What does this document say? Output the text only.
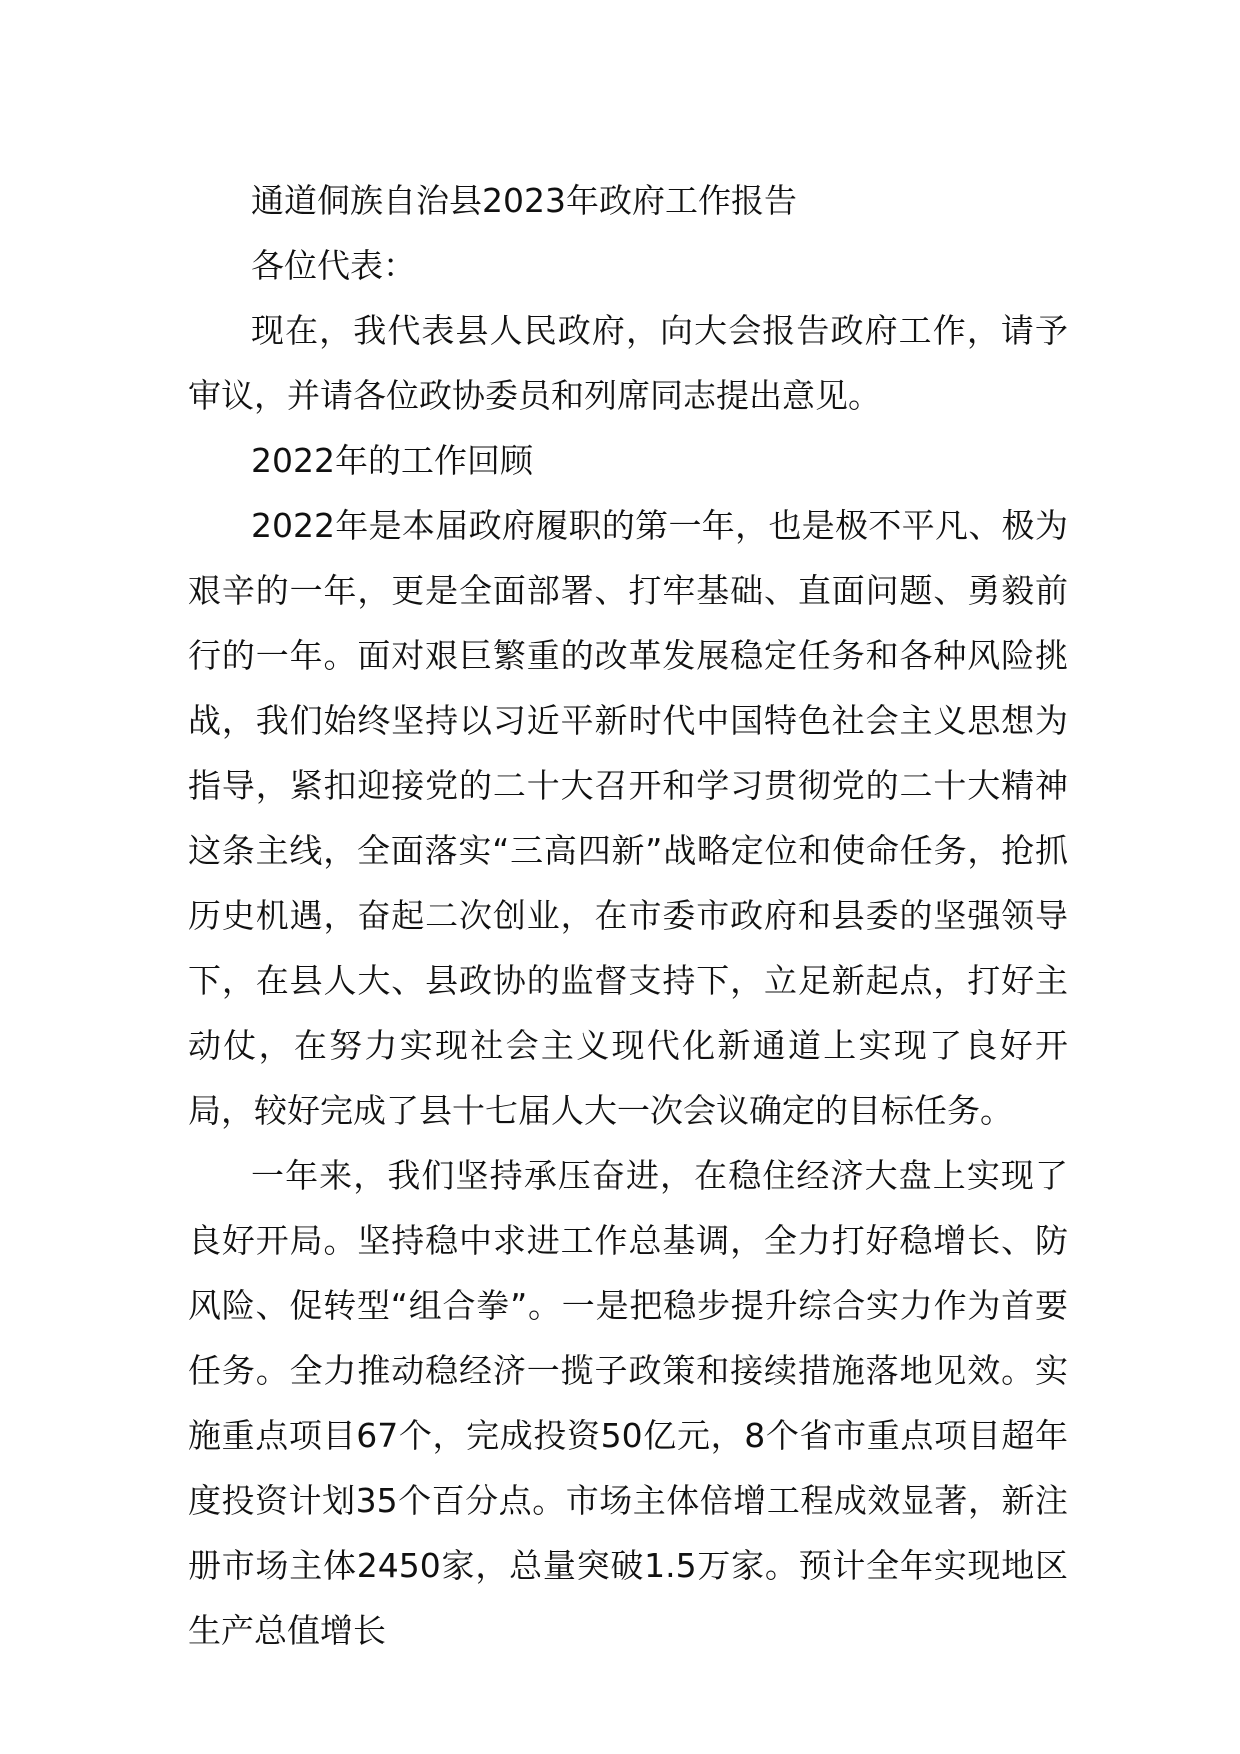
通道侗族自治县2023年政府工作报告

各位代表：

现在，我代表县人民政府，向大会报告政府工作，请予审议，并请各位政协委员和列席同志提出意见。

2022年的工作回顾

2022年是本届政府履职的第一年，也是极不平凡、极为艰辛的一年，更是全面部署、打牢基础、直面问题、勇毅前行的一年。面对艰巨繁重的改革发展稳定任务和各种风险挑战，我们始终坚持以习近平新时代中国特色社会主义思想为指导，紧扣迎接党的二十大召开和学习贯彻党的二十大精神这条主线，全面落实“三高四新”战略定位和使命任务，抢抓历史机遇，奋起二次创业，在市委市政府和县委的坚强领导下，在县人大、县政协的监督支持下，立足新起点，打好主动仗，在努力实现社会主义现代化新通道上实现了良好开局，较好完成了县十七届人大一次会议确定的目标任务。

一年来，我们坚持承压奋进，在稳住经济大盘上实现了良好开局。坚持稳中求进工作总基调，全力打好稳增长、防风险、促转型“组合拳”。一是把稳步提升综合实力作为首要任务。全力推动稳经济一揽子政策和接续措施落地见效。实施重点项目67个，完成投资50亿元，8个省市重点项目超年度投资计划35个百分点。市场主体倍增工程成效显著，新注册市场主体2450家，总量突破1.5万家。预计全年实现地区生产总值增长
